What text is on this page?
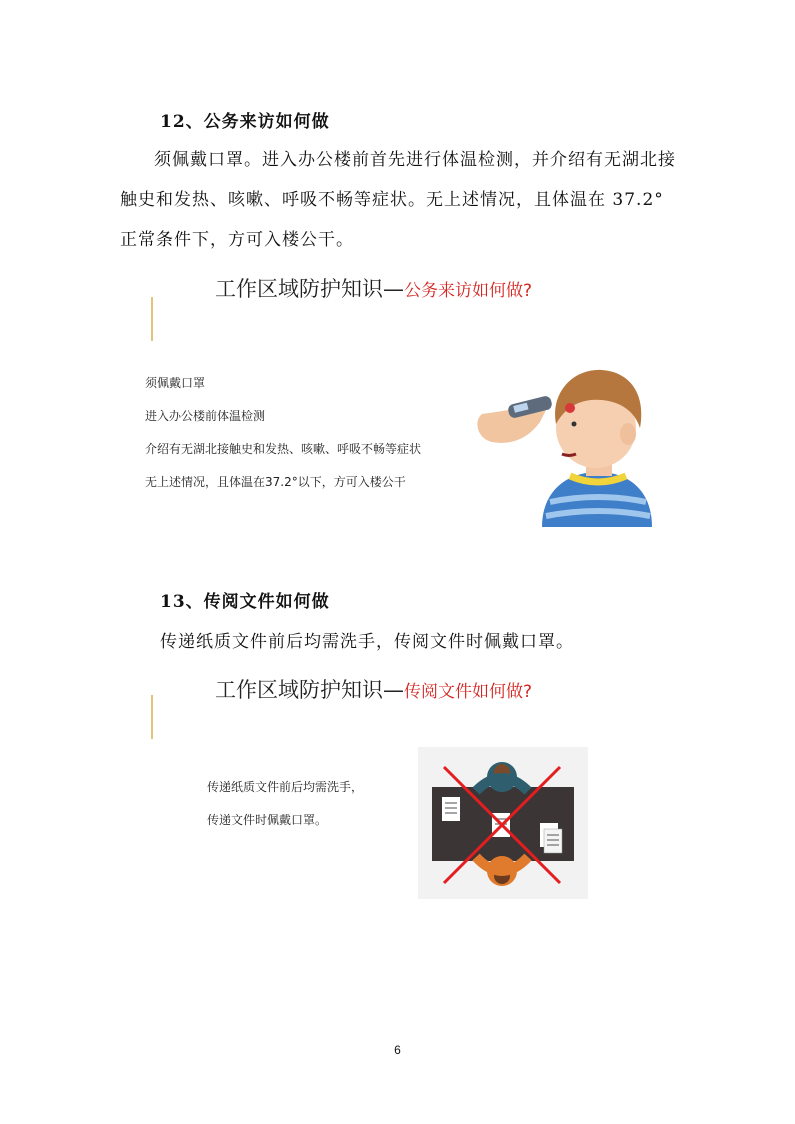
12、公务来访如何做
须佩戴口罩。进入办公楼前首先进行体温检测，并介绍有无湖北接触史和发热、咳嗽、呼吸不畅等症状。无上述情况，且体温在 37.2°正常条件下，方可入楼公干。
工作区域防护知识—公务来访如何做?
须佩戴口罩
进入办公楼前体温检测
介绍有无湖北接触史和发热、咳嗽、呼吸不畅等症状
无上述情况，且体温在37.2°以下，方可入楼公干
13、传阅文件如何做
传递纸质文件前后均需洗手，传阅文件时佩戴口罩。
工作区域防护知识—传阅文件如何做?
传递纸质文件前后均需洗手，
传递文件时佩戴口罩。
6
